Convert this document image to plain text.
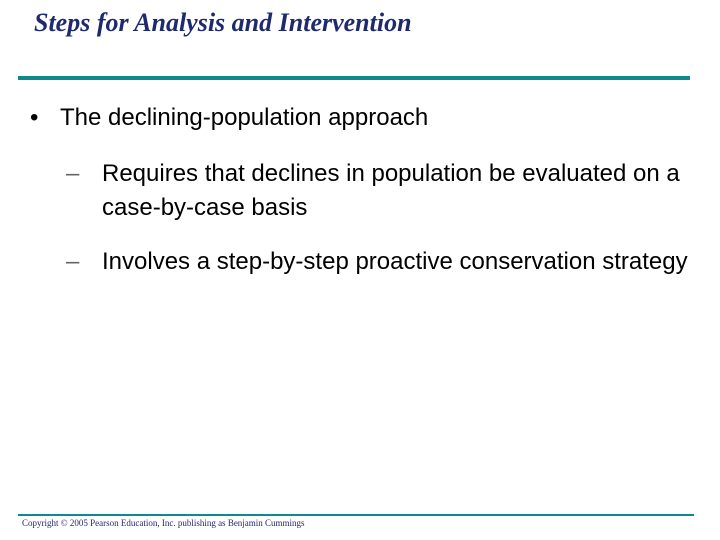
Steps for Analysis and Intervention
• The declining-population approach
– Requires that declines in population be evaluated on a case-by-case basis
– Involves a step-by-step proactive conservation strategy
Copyright © 2005 Pearson Education, Inc. publishing as Benjamin Cummings
